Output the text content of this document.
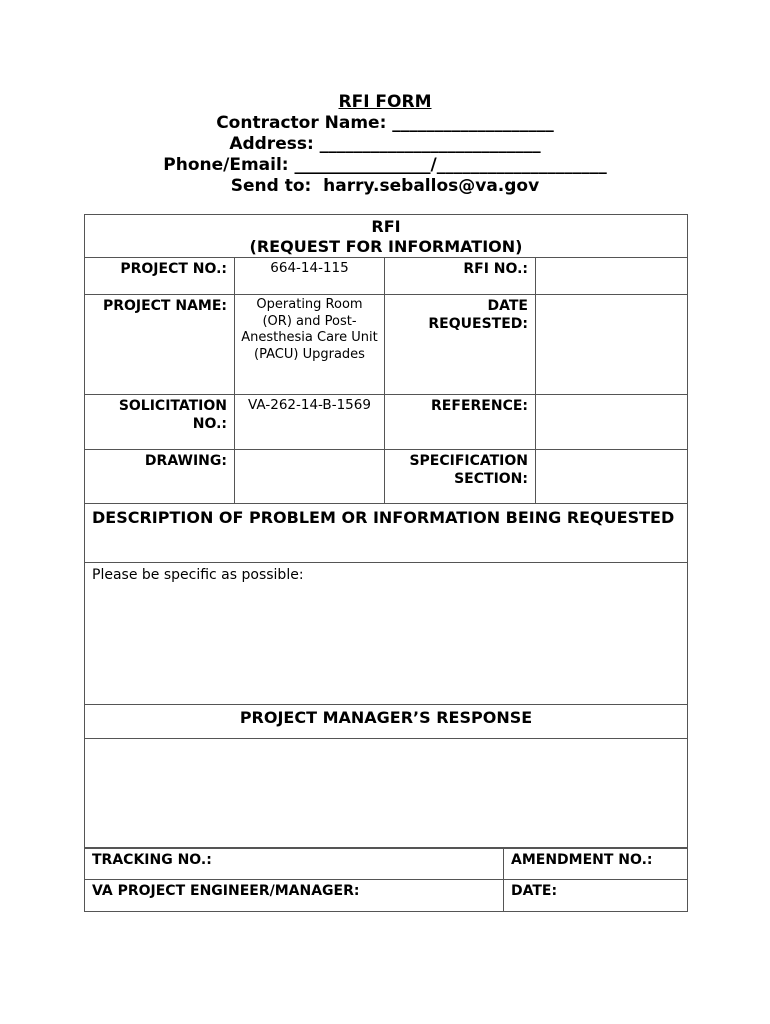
RFI FORM
Contractor Name: ___________________
Address: __________________________
Phone/Email: ________________/____________________
Send to:  harry.seballos@va.gov
RFI
(REQUEST FOR INFORMATION)			

PROJECT NO.:	664-14-115	RFI NO.:	
PROJECT NAME:	Operating Room (OR) and Post-Anesthesia Care Unit (PACU) Upgrades	DATE REQUESTED:	
SOLICITATION NO.:	VA-262-14-B-1569	REFERENCE:	
DRAWING:		SPECIFICATION SECTION:	
DESCRIPTION OF PROBLEM OR INFORMATION BEING REQUESTED			
Please be specific as possible:			
PROJECT MANAGER’S RESPONSE			

TRACKING NO.:	AMENDMENT NO.:
VA PROJECT ENGINEER/MANAGER:	DATE:
